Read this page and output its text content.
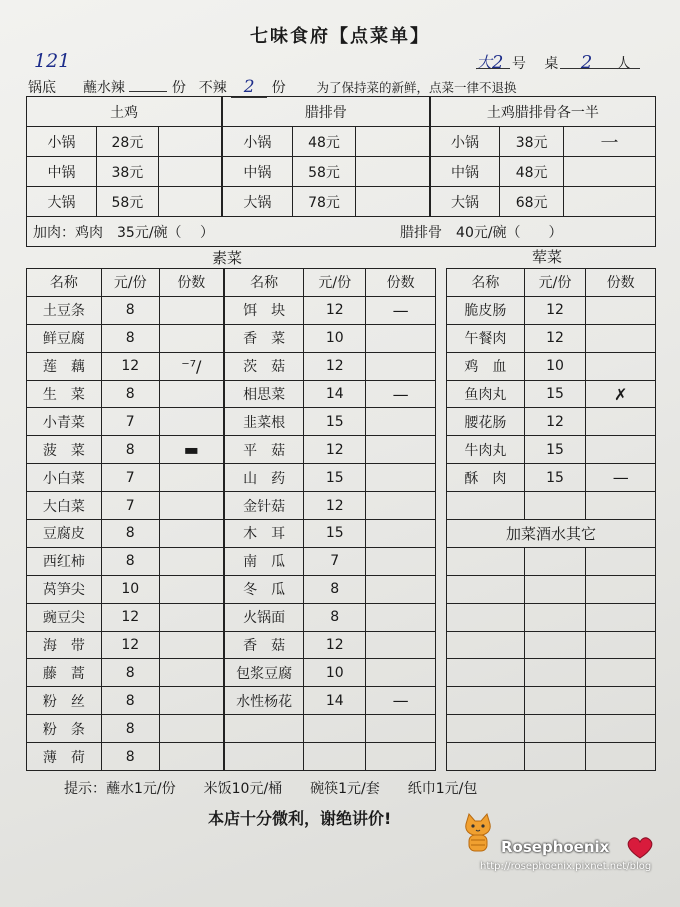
七味食府【点菜单】
大2 号 桌 2 人
121
锅底 蘸水辣	份 不辣 2 份 为了保持菜的新鲜，点菜一律不退换
土鸡			腊排骨			土鸡腊排骨各一半		
小锅	28元		小锅	48元		小锅	38元	一
中锅	38元		中锅	58元		中锅	48元	
大锅	58元		大锅	78元		大锅	68元	
加肉：鸡肉　35元/碗（　 ）				腊排骨　40元/碗（　　）				
素菜	荤菜
名称	元/份	份数	名称	元/份	份数
土豆条	8		饵　块	12	—
鲜豆腐	8		香　菜	10	
莲　藕	12	⁻⁷/	茨　菇	12	
生　菜	8		相思菜	14	—
小青菜	7		韭菜根	15	
菠　菜	8	▬	平　菇	12	
小白菜	7		山　药	15	
大白菜	7		金针菇	12	
豆腐皮	8		木　耳	15	
西红柿	8		南　瓜	7	
莴笋尖	10		冬　瓜	8	
豌豆尖	12		火锅面	8	
海　带	12		香　菇	12	
藤　蒿	8		包浆豆腐	10	
粉　丝	8		水性杨花	14	—
粉　条	8				
薄　荷	8				
名称	元/份	份数
脆皮肠	12	
午餐肉	12	
鸡　血	10	
鱼肉丸	15	✗
腰花肠	12	
牛肉丸	15	
酥　肉	15	—

加菜酒水其它		

提示：蘸水1元/份　　米饭10元/桶　　碗筷1元/套　　纸巾1元/包
本店十分微利，谢绝讲价!
Rosephoenix
http://rosephoenix.pixnet.net/blog
